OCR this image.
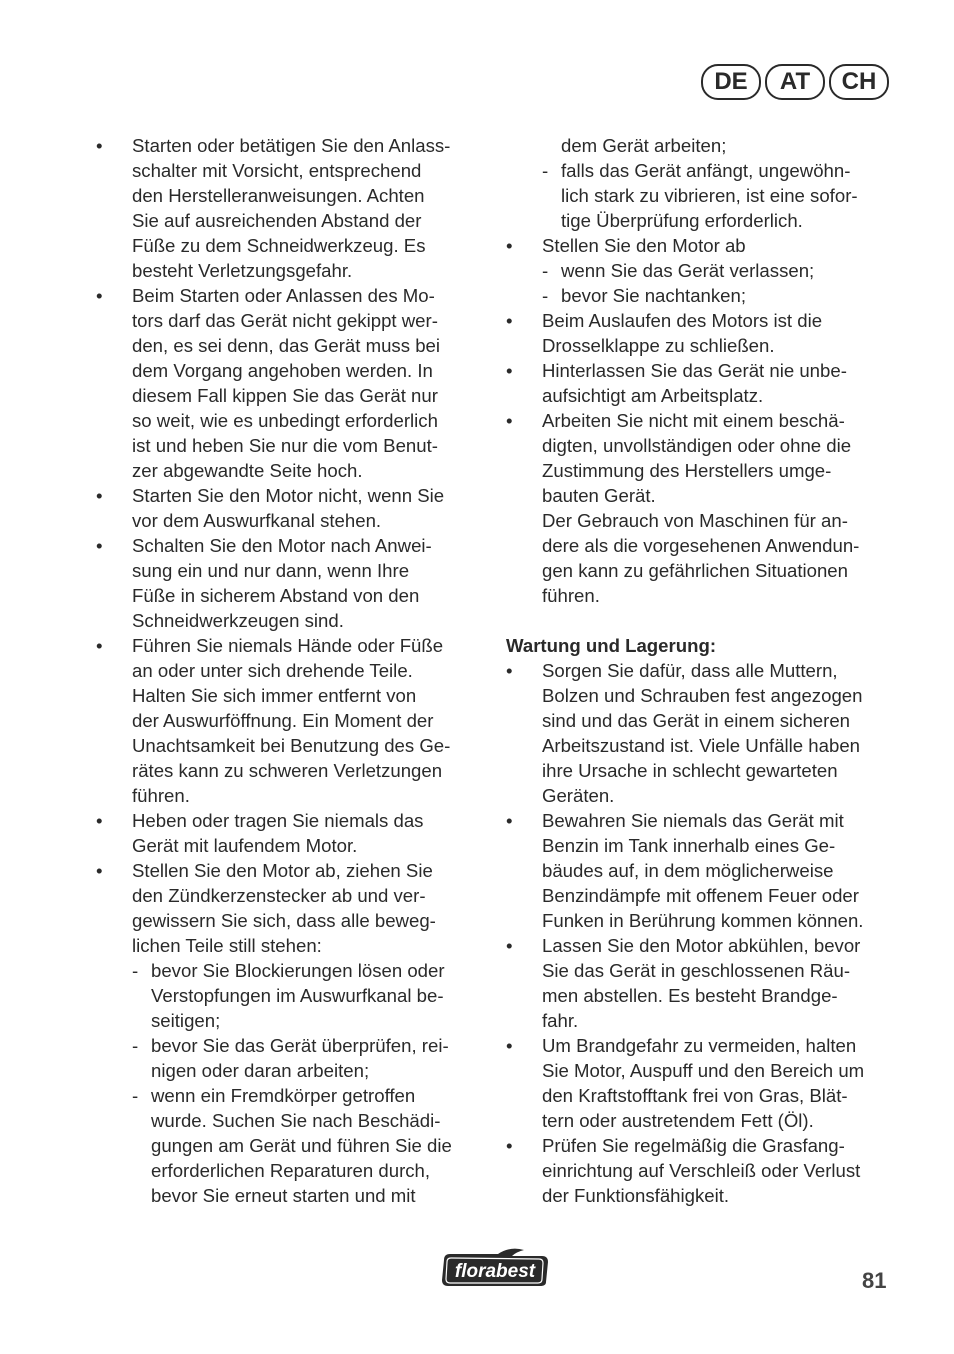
DE	AT	CH
• Starten oder betätigen Sie den Anlass-
schalter mit Vorsicht, entsprechend
den Herstelleranweisungen. Achten
Sie auf ausreichenden Abstand der
Füße zu dem Schneidwerkzeug. Es
besteht Verletzungsgefahr.
• Beim Starten oder Anlassen des Mo-
tors darf das Gerät nicht gekippt wer-
den, es sei denn, das Gerät muss bei
dem Vorgang angehoben werden. In
diesem Fall kippen Sie das Gerät nur
so weit, wie es unbedingt erforderlich
ist und heben Sie nur die vom Benut-
zer abgewandte Seite hoch.
• Starten Sie den Motor nicht, wenn Sie
vor dem Auswurfkanal stehen.
• Schalten Sie den Motor nach Anwei-
sung ein und nur dann, wenn Ihre
Füße in sicherem Abstand von den
Schneidwerkzeugen sind.
• Führen Sie niemals Hände oder Füße
an oder unter sich drehende Teile.
Halten Sie sich immer entfernt von
der Auswurföffnung. Ein Moment der
Unachtsamkeit bei Benutzung des Ge-
rätes kann zu schweren Verletzungen
führen.
• Heben oder tragen Sie niemals das
Gerät mit laufendem Motor.
• Stellen Sie den Motor ab, ziehen Sie
den Zündkerzenstecker ab und ver-
gewissern Sie sich, dass alle beweg-
lichen Teile still stehen:
- bevor Sie Blockierungen lösen oder
Verstopfungen im Auswurfkanal be-
seitigen;
- bevor Sie das Gerät überprüfen, rei-
nigen oder daran arbeiten;
- wenn ein Fremdkörper getroffen
wurde. Suchen Sie nach Beschädi-
gungen am Gerät und führen Sie die
erforderlichen Reparaturen durch,
bevor Sie erneut starten und mit
dem Gerät arbeiten;
- falls das Gerät anfängt, ungewöhn-
lich stark zu vibrieren, ist eine sofor-
tige Überprüfung erforderlich.
• Stellen Sie den Motor ab
- wenn Sie das Gerät verlassen;
- bevor Sie nachtanken;
• Beim Auslaufen des Motors ist die
Drosselklappe zu schließen.
• Hinterlassen Sie das Gerät nie unbe-
aufsichtigt am Arbeitsplatz.
• Arbeiten Sie nicht mit einem beschä-
digten, unvollständigen oder ohne die
Zustimmung des Herstellers umge-
bauten Gerät.
Der Gebrauch von Maschinen für an-
dere als die vorgesehenen Anwendun-
gen kann zu gefährlichen Situationen
führen.
Wartung und Lagerung:
• Sorgen Sie dafür, dass alle Muttern,
Bolzen und Schrauben fest angezogen
sind und das Gerät in einem sicheren
Arbeitszustand ist. Viele Unfälle haben
ihre Ursache in schlecht gewarteten
Geräten.
• Bewahren Sie niemals das Gerät mit
Benzin im Tank innerhalb eines Ge-
bäudes auf, in dem möglicherweise
Benzindämpfe mit offenem Feuer oder
Funken in Berührung kommen können.
• Lassen Sie den Motor abkühlen, bevor
Sie das Gerät in geschlossenen Räu-
men abstellen. Es besteht Brandge-
fahr.
• Um Brandgefahr zu vermeiden, halten
Sie Motor, Auspuff und den Bereich um
den Kraftstofftank frei von Gras, Blät-
tern oder austretendem Fett (Öl).
• Prüfen Sie regelmäßig die Grasfang-
einrichtung auf Verschleiß oder Verlust
der Funktionsfähigkeit.
florabest	81
